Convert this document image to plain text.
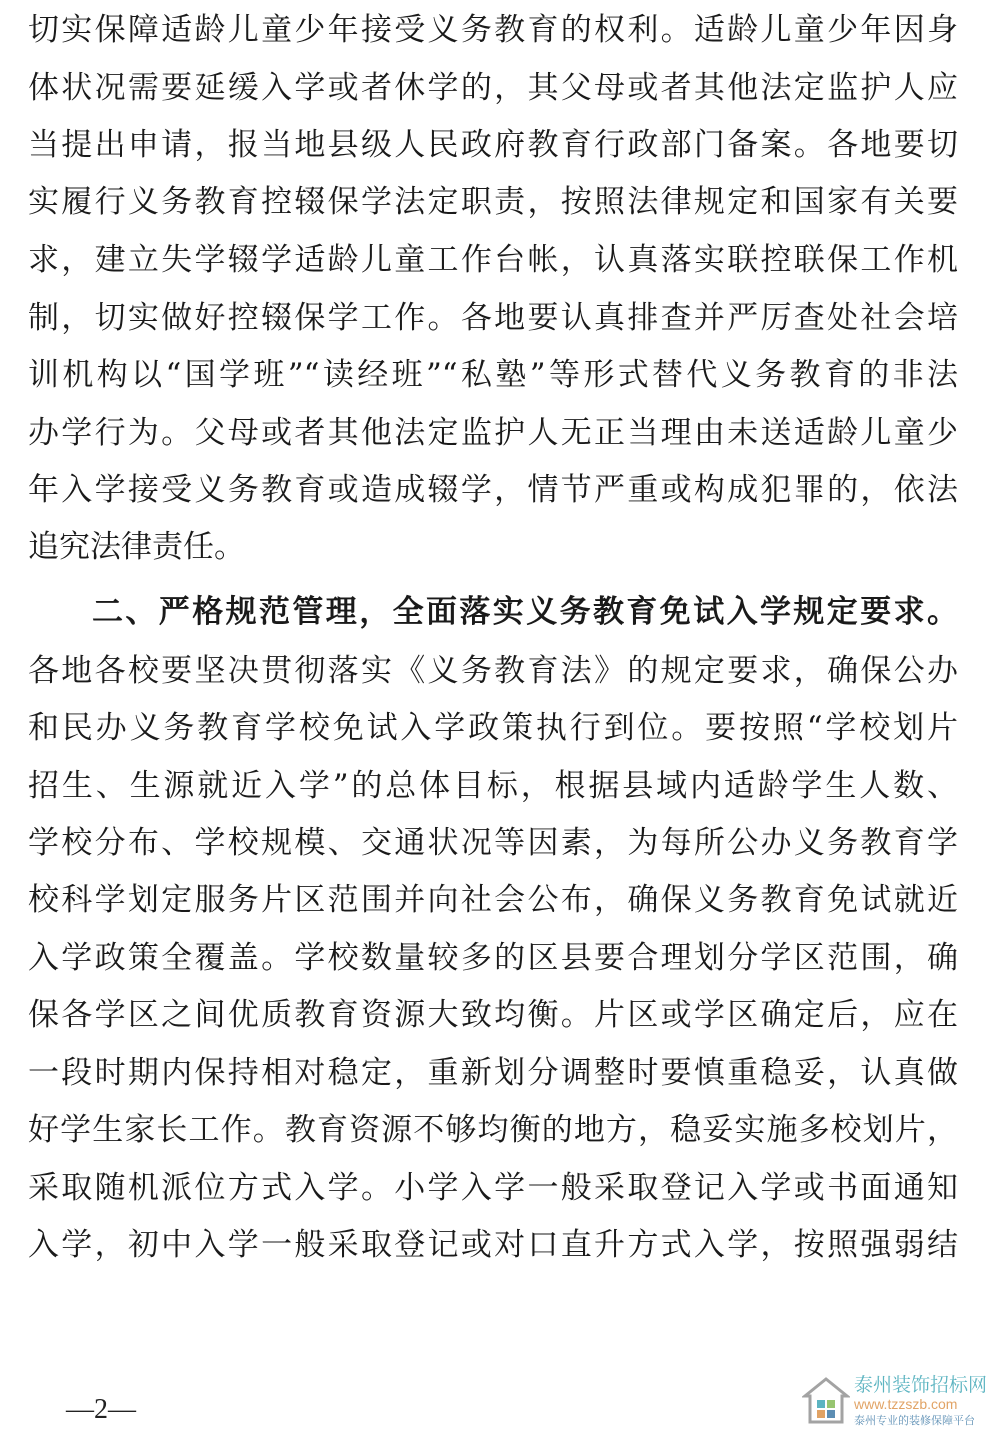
切实保障适龄儿童少年接受义务教育的权利。适龄儿童少年因身
体状况需要延缓入学或者休学的，其父母或者其他法定监护人应
当提出申请，报当地县级人民政府教育行政部门备案。各地要切
实履行义务教育控辍保学法定职责，按照法律规定和国家有关要
求，建立失学辍学适龄儿童工作台帐，认真落实联控联保工作机
制，切实做好控辍保学工作。各地要认真排查并严厉查处社会培
训机构以“国学班”“读经班”“私塾”等形式替代义务教育的非法
办学行为。父母或者其他法定监护人无正当理由未送适龄儿童少
年入学接受义务教育或造成辍学，情节严重或构成犯罪的，依法
追究法律责任。
二、严格规范管理，全面落实义务教育免试入学规定要求。
各地各校要坚决贯彻落实《义务教育法》的规定要求，确保公办
和民办义务教育学校免试入学政策执行到位。要按照“学校划片
招生、生源就近入学”的总体目标，根据县域内适龄学生人数、
学校分布、学校规模、交通状况等因素，为每所公办义务教育学
校科学划定服务片区范围并向社会公布，确保义务教育免试就近
入学政策全覆盖。学校数量较多的区县要合理划分学区范围，确
保各学区之间优质教育资源大致均衡。片区或学区确定后，应在
一段时期内保持相对稳定，重新划分调整时要慎重稳妥，认真做
好学生家长工作。教育资源不够均衡的地方，稳妥实施多校划片，
采取随机派位方式入学。小学入学一般采取登记入学或书面通知
入学，初中入学一般采取登记或对口直升方式入学，按照强弱结
—2—
泰州装饰招标网
www.tzzszb.com
泰州专业的装修保障平台
